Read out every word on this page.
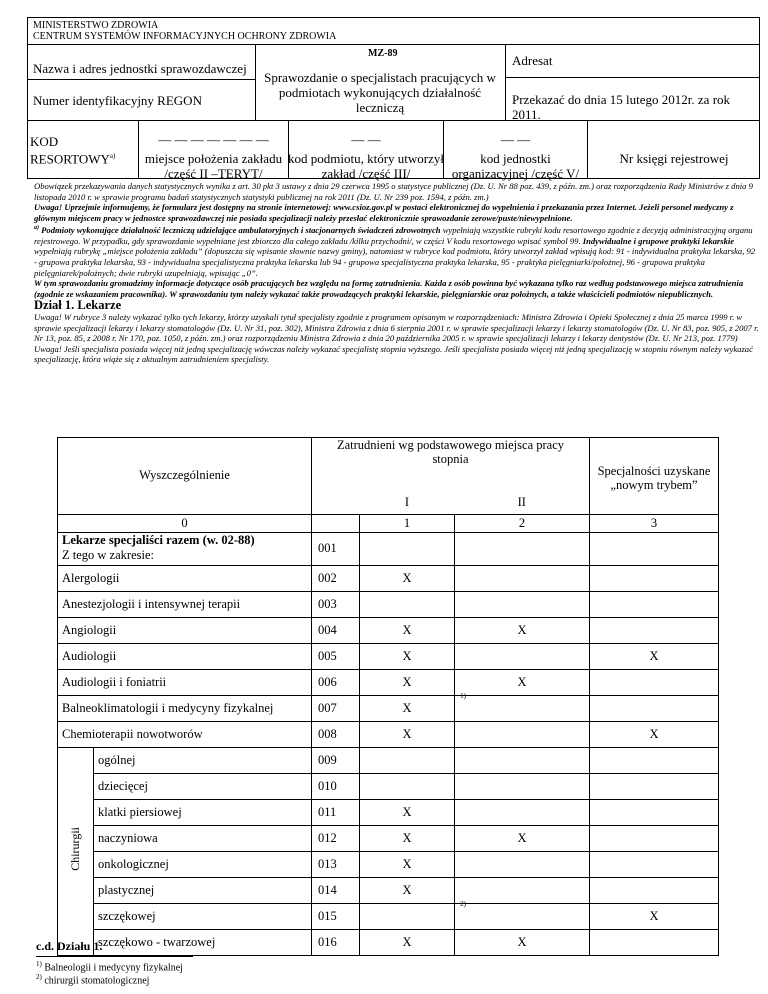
MINISTERSTWO ZDROWIA
CENTRUM SYSTEMÓW INFORMACYJNYCH OCHRONY ZDROWIA
Nazwa i adres jednostki sprawozdawczej
Numer identyfikacyjny REGON
MZ-89
Sprawozdanie o specjalistach pracujących w podmiotach wykonujących działalność leczniczą
Adresat
Przekazać do dnia 15 lutego 2012r. za rok 2011.
KOD RESORTOWY$^{a)}$
— — — — — — —	— —	— —
miejsce położenia zakładu /część II –TERYT/
kod podmiotu, który utworzył zakład /część III/
kod jednostki organizacyjnej /część V/
Nr księgi rejestrowej

Obowiązek przekazywania danych statystycznych wynika z art. 30 pkt 3 ustawy z dnia 29 czerwca 1995 o statystyce publicznej (Dz. U. Nr 88 poz. 439, z późn. zm.) oraz rozporządzenia Rady Ministrów z dnia 9 listopada 2010 r. w sprawie programu badań statystycznych statystyki publicznej na rok 2011 (Dz. U. Nr 239 poz. 1594, z późn. zm.)

Uwaga! Uprzejmie informujemy, że formularz jest dostępny na stronie internetowej: www.csioz.gov.pl w postaci elektronicznej do wypełnienia i przekazania przez Internet. Jeżeli personel medyczny z głównym miejscem pracy w jednostce sprawozdawczej nie posiada specjalizacji należy przesłać elektronicznie sprawozdanie zerowe/puste/niewypełnione.

$^{a)}$ Podmioty wykonujące działalność leczniczą udzielające ambulatoryjnych i stacjonarnych świadczeń zdrowotnych wypełniają wszystkie rubryki kodu resortowego zgodnie z decyzją administracyjną organu rejestrowego. W przypadku, gdy sprawozdanie wypełniane jest zbiorczo dla całego zakładu /kilku przychodni/, w części V kodu resortowego wpisać symbol 99. Indywidualne i grupowe praktyki lekarskie wypełniają rubrykę „miejsce położenia zakładu” (dopuszcza się wpisanie słownie nazwy gminy), natomiast w rubryce kod podmiotu, który utworzył zakład wpisują kod: 91 - indywidualna praktyka lekarska, 92 - grupowa praktyka lekarska, 93 - indywidualna specjalistyczna praktyka lekarska lub 94 - grupowa specjalistyczna praktyka lekarska, 95 - praktyka pielęgniarki/położnej, 96 - grupowa praktyka pielęgniarek/położnych; dwie rubryki uzupełniają, wpisując „0”.

W tym sprawozdaniu gromadzimy informacje dotyczące osób pracujących bez względu na formę zatrudnienia. Każda z osób powinna być wykazana tylko raz według podstawowego miejsca zatrudnienia (zgodnie ze wskazaniem pracownika). W sprawozdaniu tym należy wykazać także prowadzących praktyki lekarskie, pielęgniarskie oraz położnych, a także właścicieli podmiotów niepublicznych.

Dział 1. Lekarze

Uwaga! W rubryce 3 należy wykazać tylko tych lekarzy, którzy uzyskali tytuł specjalisty zgodnie z programem opisanym w rozporządzeniach: Ministra Zdrowia i Opieki Społecznej z dnia 25 marca 1999 r. w sprawie specjalizacji lekarzy i lekarzy stomatologów (Dz. U. Nr 31, poz. 302), Ministra Zdrowia z dnia 6 sierpnia 2001 r. w sprawie specjalizacji lekarzy i lekarzy stomatologów (Dz. U. Nr 83, poz. 905, z 2007 r. Nr 13, poz. 85, z 2008 r. Nr 170, poz. 1050, z późn. zm.) oraz rozporządzeniu Ministra Zdrowia z dnia 20 października 2005 r. w sprawie specjalizacji lekarzy i lekarzy dentystów (Dz. U. Nr 213, poz. 1779)

Uwaga! Jeśli specjalista posiada więcej niż jedną specjalizację wówczas należy wykazać specjalistę stopnia wyższego. Jeśli specjalista posiada więcej niż jedną specjalizację w stopniu równym należy wykazać specjalizację, która wiąże się z aktualnym zatrudnieniem specjalisty.

Wyszczególnienie		Zatrudnieni wg podstawowego miejsca pracy
stopnia			Specjalności uzyskane „nowym trybem”
			I	II	
0			1	2	3

Lekarze specjaliści razem (w. 02-88)
Z tego w zakresie:		001			
Alergologii		002	X		
Anestezjologii i intensywnej terapii		003			
Angiologii		004	X	X	
Audiologii		005	X		X
Audiologii i foniatrii		006	X	X	
Balneoklimatologii i medycyny fizykalnej		007	X
1)		

Chemioterapii nowotworów		008	X		X
Chirurgii	ogólnej	009			
	dziecięcej	010			
	klatki piersiowej	011	X		
	naczyniowa	012	X	X	
	onkologicznej	013	X		
	plastycznej	014	X		
	szczękowej	015	2)		X
	szczękowo - twarzowej	016	X	X	
c.d. Działu 1.
$^{1)}$ Balneologii i medycyny fizykalnej
$^{2)}$ chirurgii stomatologicznej
